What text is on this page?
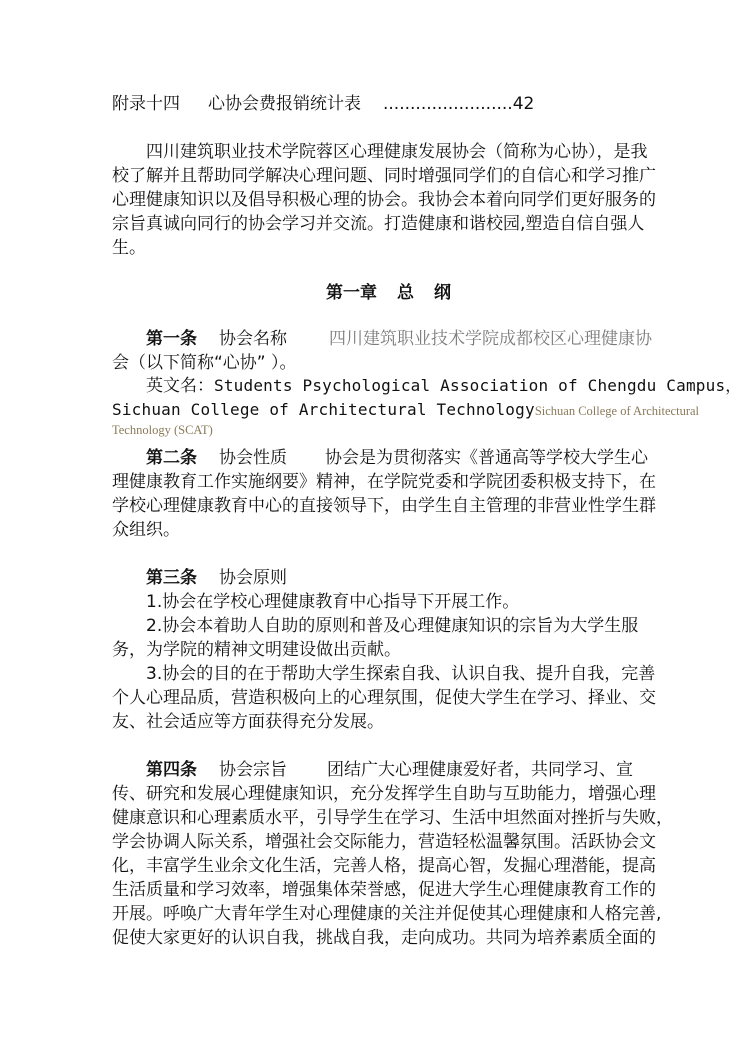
附录十四 心协会费报销统计表 ........................42
四川建筑职业技术学院蓉区心理健康发展协会（简称为心协），是我
校了解并且帮助同学解决心理问题、同时增强同学们的自信心和学习推广
心理健康知识以及倡导积极心理的协会。我协会本着向同学们更好服务的
宗旨真诚向同行的协会学习并交流。打造健康和谐校园,塑造自信自强人
生。
第一章 总 纲
第一条 协会名称 四川建筑职业技术学院成都校区心理健康协
会（以下简称“心协” ）。
英文名：Students Psychological Association of Chengdu Campus，
Sichuan College of Architectural TechnologySichuan College of Architectural
Technology (SCAT)
第二条 协会性质 协会是为贯彻落实《普通高等学校大学生心
理健康教育工作实施纲要》精神，在学院党委和学院团委积极支持下，在
学校心理健康教育中心的直接领导下，由学生自主管理的非营业性学生群
众组织。
第三条 协会原则
1.协会在学校心理健康教育中心指导下开展工作。
2.协会本着助人自助的原则和普及心理健康知识的宗旨为大学生服
务，为学院的精神文明建设做出贡献。
3.协会的目的在于帮助大学生探索自我、认识自我、提升自我，完善
个人心理品质，营造积极向上的心理氛围，促使大学生在学习、择业、交
友、社会适应等方面获得充分发展。
第四条 协会宗旨 团结广大心理健康爱好者，共同学习、宣
传、研究和发展心理健康知识，充分发挥学生自助与互助能力，增强心理
健康意识和心理素质水平，引导学生在学习、生活中坦然面对挫折与失败，
学会协调人际关系，增强社会交际能力，营造轻松温馨氛围。活跃协会文
化，丰富学生业余文化生活，完善人格，提高心智，发掘心理潜能，提高
生活质量和学习效率，增强集体荣誉感，促进大学生心理健康教育工作的
开展。呼唤广大青年学生对心理健康的关注并促使其心理健康和人格完善,
促使大家更好的认识自我，挑战自我，走向成功。共同为培养素质全面的
